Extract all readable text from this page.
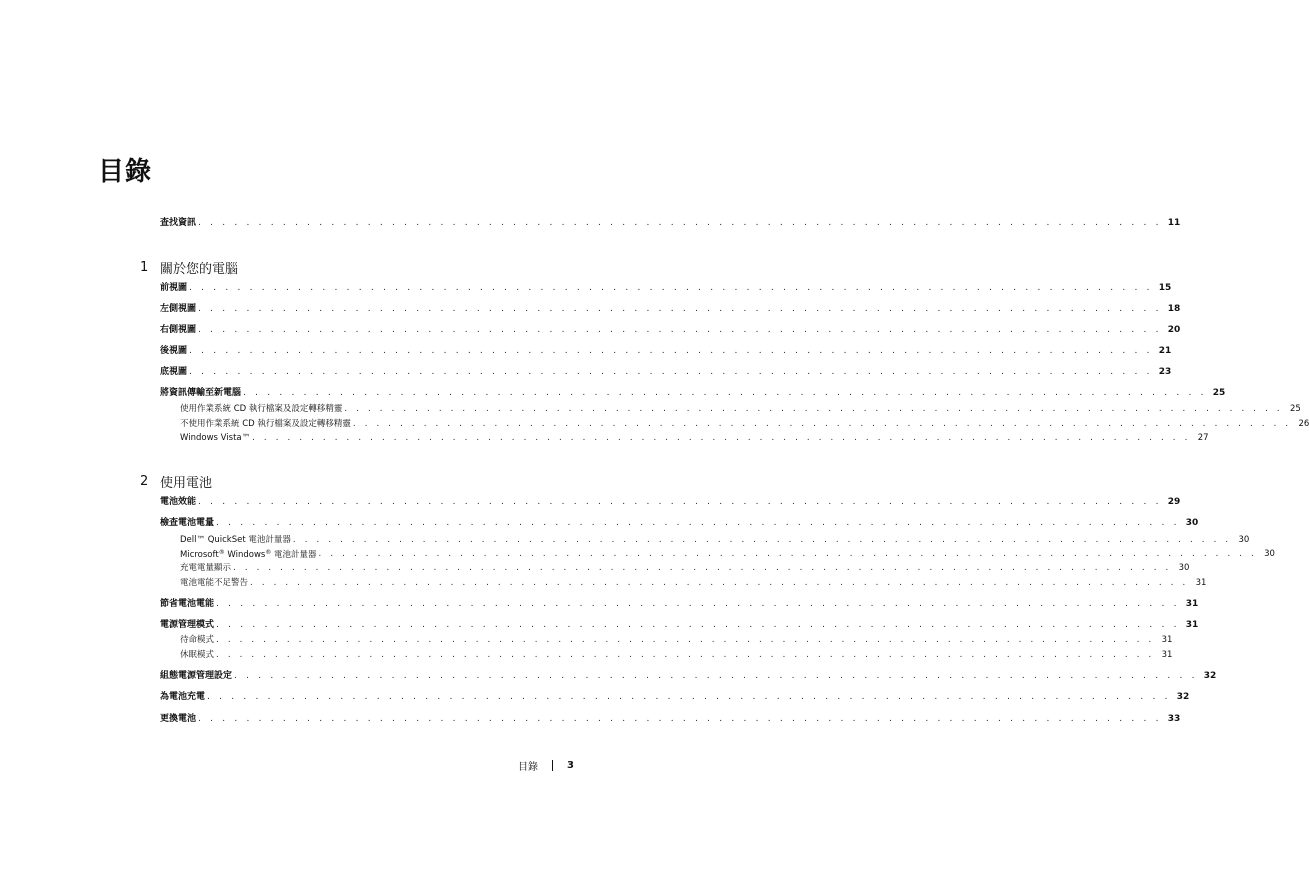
目錄
查找資訊 . . . . . . . . . . . . . . . . . . . . . . . . . . . . . . . . . . . . . . . . . . . . . . . . . . . . . . . . . . . . . . . . . . . . . . . . . . . . . . . . 11
1 關於您的電腦
前視圖 . . . . . . . . . . . . . . . . . . . . . . . . . . . . . . . . . . . . . . . . . . . . . . . . . . . . . . . . . . . . . . . . . . . . . . . . . . . . . . . . 15
左側視圖 . . . . . . . . . . . . . . . . . . . . . . . . . . . . . . . . . . . . . . . . . . . . . . . . . . . . . . . . . . . . . . . . . . . . . . . . . . . . . . . . 18
右側視圖 . . . . . . . . . . . . . . . . . . . . . . . . . . . . . . . . . . . . . . . . . . . . . . . . . . . . . . . . . . . . . . . . . . . . . . . . . . . . . . . . 20
後視圖 . . . . . . . . . . . . . . . . . . . . . . . . . . . . . . . . . . . . . . . . . . . . . . . . . . . . . . . . . . . . . . . . . . . . . . . . . . . . . . . . 21
底視圖 . . . . . . . . . . . . . . . . . . . . . . . . . . . . . . . . . . . . . . . . . . . . . . . . . . . . . . . . . . . . . . . . . . . . . . . . . . . . . . . . 23
將資訊傳輸至新電腦 . . . . . . . . . . . . . . . . . . . . . . . . . . . . . . . . . . . . . . . . . . . . . . . . . . . . . . . . . . . . . . . . . . . . . . . . . . . . . . . . 25
使用作業系統 CD 執行檔案及設定轉移精靈 . . . . . . . . . . . . . . . . . . . . . . . . . . . . . . . . . . . . . . . . . . . . . . . . . . . . . . . . . . . . . . . . . . . . . . . . . . . . . . . . 25
不使用作業系統 CD 執行檔案及設定轉移精靈 . . . . . . . . . . . . . . . . . . . . . . . . . . . . . . . . . . . . . . . . . . . . . . . . . . . . . . . . . . . . . . . . . . . . . . . . . . . . . . . . 26
Windows Vista™ . . . . . . . . . . . . . . . . . . . . . . . . . . . . . . . . . . . . . . . . . . . . . . . . . . . . . . . . . . . . . . . . . . . . . . . . . . . . . . . . 27
2 使用電池
電池效能 . . . . . . . . . . . . . . . . . . . . . . . . . . . . . . . . . . . . . . . . . . . . . . . . . . . . . . . . . . . . . . . . . . . . . . . . . . . . . . . . 29
檢查電池電量 . . . . . . . . . . . . . . . . . . . . . . . . . . . . . . . . . . . . . . . . . . . . . . . . . . . . . . . . . . . . . . . . . . . . . . . . . . . . . . . . 30
Dell™ QuickSet 電池計量器 . . . . . . . . . . . . . . . . . . . . . . . . . . . . . . . . . . . . . . . . . . . . . . . . . . . . . . . . . . . . . . . . . . . . . . . . . . . . . . . . 30
Microsoft® Windows® 電池計量器 . . . . . . . . . . . . . . . . . . . . . . . . . . . . . . . . . . . . . . . . . . . . . . . . . . . . . . . . . . . . . . . . . . . . . . . . . . . . . . . . 30
充電電量顯示 . . . . . . . . . . . . . . . . . . . . . . . . . . . . . . . . . . . . . . . . . . . . . . . . . . . . . . . . . . . . . . . . . . . . . . . . . . . . . . . . 30
電池電能不足警告 . . . . . . . . . . . . . . . . . . . . . . . . . . . . . . . . . . . . . . . . . . . . . . . . . . . . . . . . . . . . . . . . . . . . . . . . . . . . . . . . 31
節省電池電能 . . . . . . . . . . . . . . . . . . . . . . . . . . . . . . . . . . . . . . . . . . . . . . . . . . . . . . . . . . . . . . . . . . . . . . . . . . . . . . . . 31
電源管理模式 . . . . . . . . . . . . . . . . . . . . . . . . . . . . . . . . . . . . . . . . . . . . . . . . . . . . . . . . . . . . . . . . . . . . . . . . . . . . . . . . 31
待命模式 . . . . . . . . . . . . . . . . . . . . . . . . . . . . . . . . . . . . . . . . . . . . . . . . . . . . . . . . . . . . . . . . . . . . . . . . . . . . . . . . 31
休眠模式 . . . . . . . . . . . . . . . . . . . . . . . . . . . . . . . . . . . . . . . . . . . . . . . . . . . . . . . . . . . . . . . . . . . . . . . . . . . . . . . . 31
組態電源管理設定 . . . . . . . . . . . . . . . . . . . . . . . . . . . . . . . . . . . . . . . . . . . . . . . . . . . . . . . . . . . . . . . . . . . . . . . . . . . . . . . . 32
為電池充電 . . . . . . . . . . . . . . . . . . . . . . . . . . . . . . . . . . . . . . . . . . . . . . . . . . . . . . . . . . . . . . . . . . . . . . . . . . . . . . . . 32
更換電池 . . . . . . . . . . . . . . . . . . . . . . . . . . . . . . . . . . . . . . . . . . . . . . . . . . . . . . . . . . . . . . . . . . . . . . . . . . . . . . . . 33
目錄	3
